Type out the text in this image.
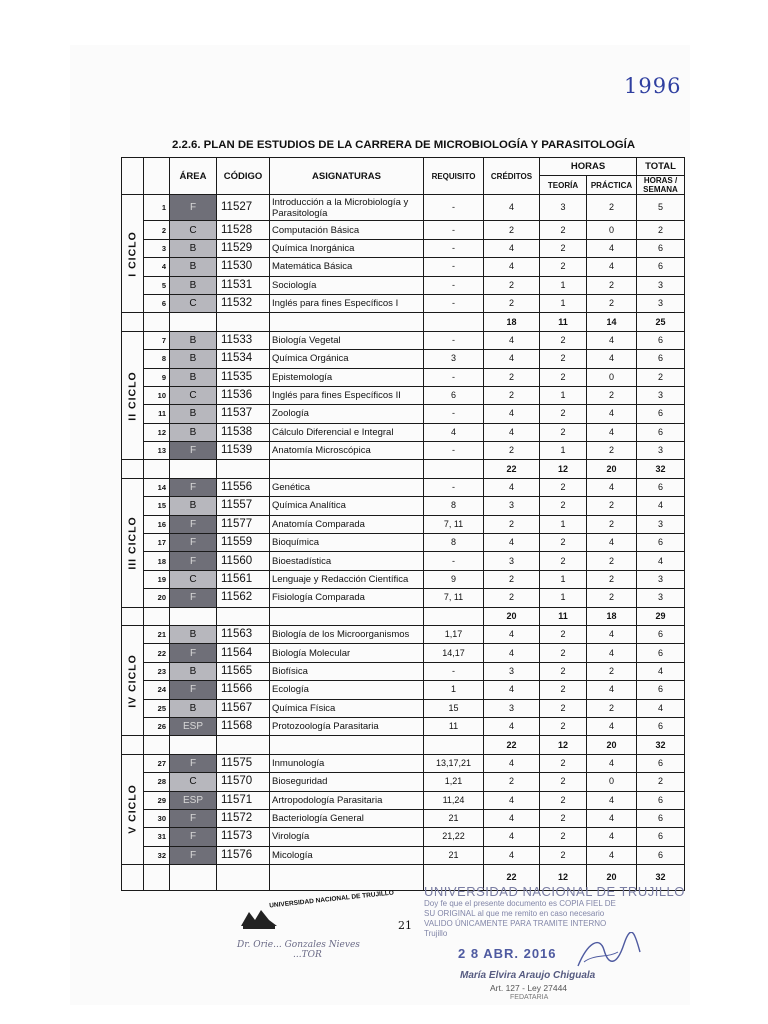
1996
2.2.6. PLAN DE ESTUDIOS DE LA CARRERA DE MICROBIOLOGÍA Y PARASITOLOGÍA
		ÁREA	CÓDIGO	ASIGNATURAS	REQUISITO	CRÉDITOS	HORAS		TOTAL
							TEORÍA	PRÁCTICA	HORAS / SEMANA

I CICLO	1	F	11527	Introducción a la Microbiología y Parasitología	-	4	3	2	5
	2	C	11528	Computación Básica	-	2	2	0	2
	3	B	11529	Química Inorgánica	-	4	2	4	6
	4	B	11530	Matemática Básica	-	4	2	4	6
	5	B	11531	Sociología	-	2	1	2	3
	6	C	11532	Inglés para fines Específicos I	-	2	1	2	3
						18	11	14	25

II CICLO	7	B	11533	Biología Vegetal	-	4	2	4	6
	8	B	11534	Química Orgánica	3	4	2	4	6
	9	B	11535	Epistemología	-	2	2	0	2
	10	C	11536	Inglés para fines Específicos II	6	2	1	2	3
	11	B	11537	Zoología	-	4	2	4	6
	12	B	11538	Cálculo Diferencial e Integral	4	4	2	4	6
	13	F	11539	Anatomía Microscópica	-	2	1	2	3
						22	12	20	32

III CICLO	14	F	11556	Genética	-	4	2	4	6
	15	B	11557	Química Analítica	8	3	2	2	4
	16	F	11577	Anatomía Comparada	7, 11	2	1	2	3
	17	F	11559	Bioquímica	8	4	2	4	6
	18	F	11560	Bioestadística	-	3	2	2	4
	19	C	11561	Lenguaje y Redacción Científica	9	2	1	2	3
	20	F	11562	Fisiología Comparada	7, 11	2	1	2	3
						20	11	18	29

IV CICLO	21	B	11563	Biología de los Microorganismos	1,17	4	2	4	6
	22	F	11564	Biología Molecular	14,17	4	2	4	6
	23	B	11565	Biofísica	-	3	2	2	4
	24	F	11566	Ecología	1	4	2	4	6
	25	B	11567	Química Física	15	3	2	2	4
	26	ESP	11568	Protozoología Parasitaria	11	4	2	4	6
						22	12	20	32

V CICLO	27	F	11575	Inmunología	13,17,21	4	2	4	6
	28	C	11570	Bioseguridad	1,21	2	2	0	2
	29	ESP	11571	Artropodología Parasitaria	11,24	4	2	4	6
	30	F	11572	Bacteriología General	21	4	2	4	6
	31	F	11573	Virología	21,22	4	2	4	6
	32	F	11576	Micología	21	4	2	4	6
						22	12	20	32
UNIVERSIDAD NACIONAL DE TRUJILLO
Dr. Orie... Gonzales Nieves
...TOR
21
UNIVERSIDAD NACIONAL DE TRUJILLO
Doy fe que el presente documento es COPIA FIEL DE
SU ORIGINAL al que me remito en caso necesario
VALIDO ÚNICAMENTE PARA TRAMITE INTERNO
Trujillo
2 8 ABR. 2016
María Elvira Araujo Chiguala
Art. 127 - Ley 27444
FEDATARIA
